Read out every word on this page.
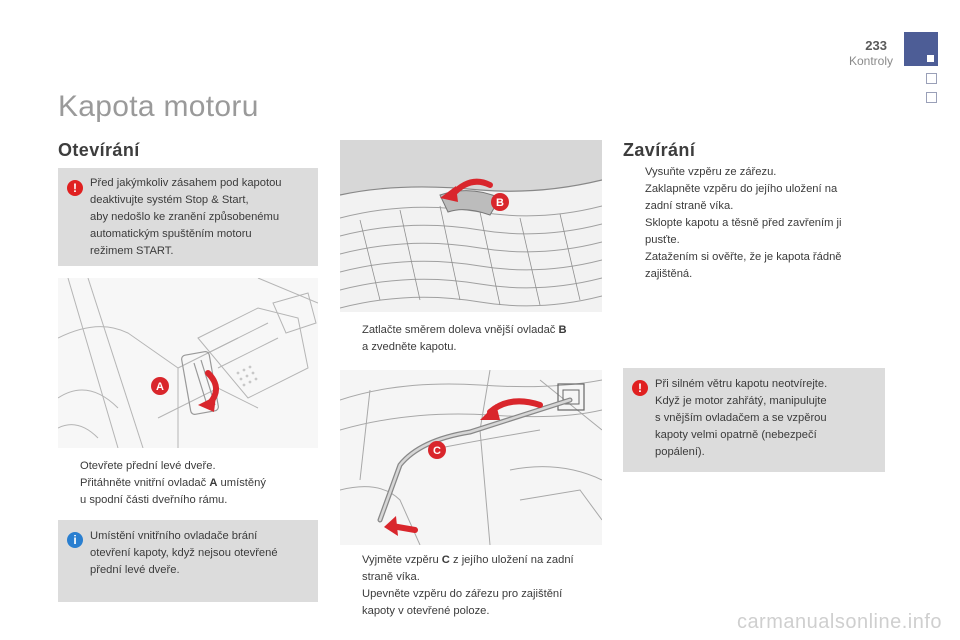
233
Kontroly
Kapota motoru
Otevírání
!	Před jakýmkoliv zásahem pod kapotou
deaktivujte systém Stop & Start,
aby nedošlo ke zranění způsobenému
automatickým spuštěním motoru
režimem START.
A

Otevřete přední levé dveře.

Přitáhněte vnitřní ovladač A umístěný
u spodní části dveřního rámu.

i	Umístění vnitřního ovladače brání
otevření kapoty, když nejsou otevřené
přední levé dveře.
B

Zatlačte směrem doleva vnější ovladač B
a zvedněte kapotu.

C

Vyjměte vzpěru C z jejího uložení na zadní
straně víka.

Upevněte vzpěru do zářezu pro zajištění
kapoty v otevřené poloze.

Zavírání

Vysuňte vzpěru ze zářezu.

Zaklapněte vzpěru do jejího uložení na
zadní straně víka.

Sklopte kapotu a těsně před zavřením ji
pusťte.

Zatažením si ověřte, že je kapota řádně
zajištěná.

!	Při silném větru kapotu neotvírejte.
Když je motor zahřátý, manipulujte
s vnějším ovladačem a se vzpěrou
kapoty velmi opatrně (nebezpečí
popálení).
carmanualsonline.info
